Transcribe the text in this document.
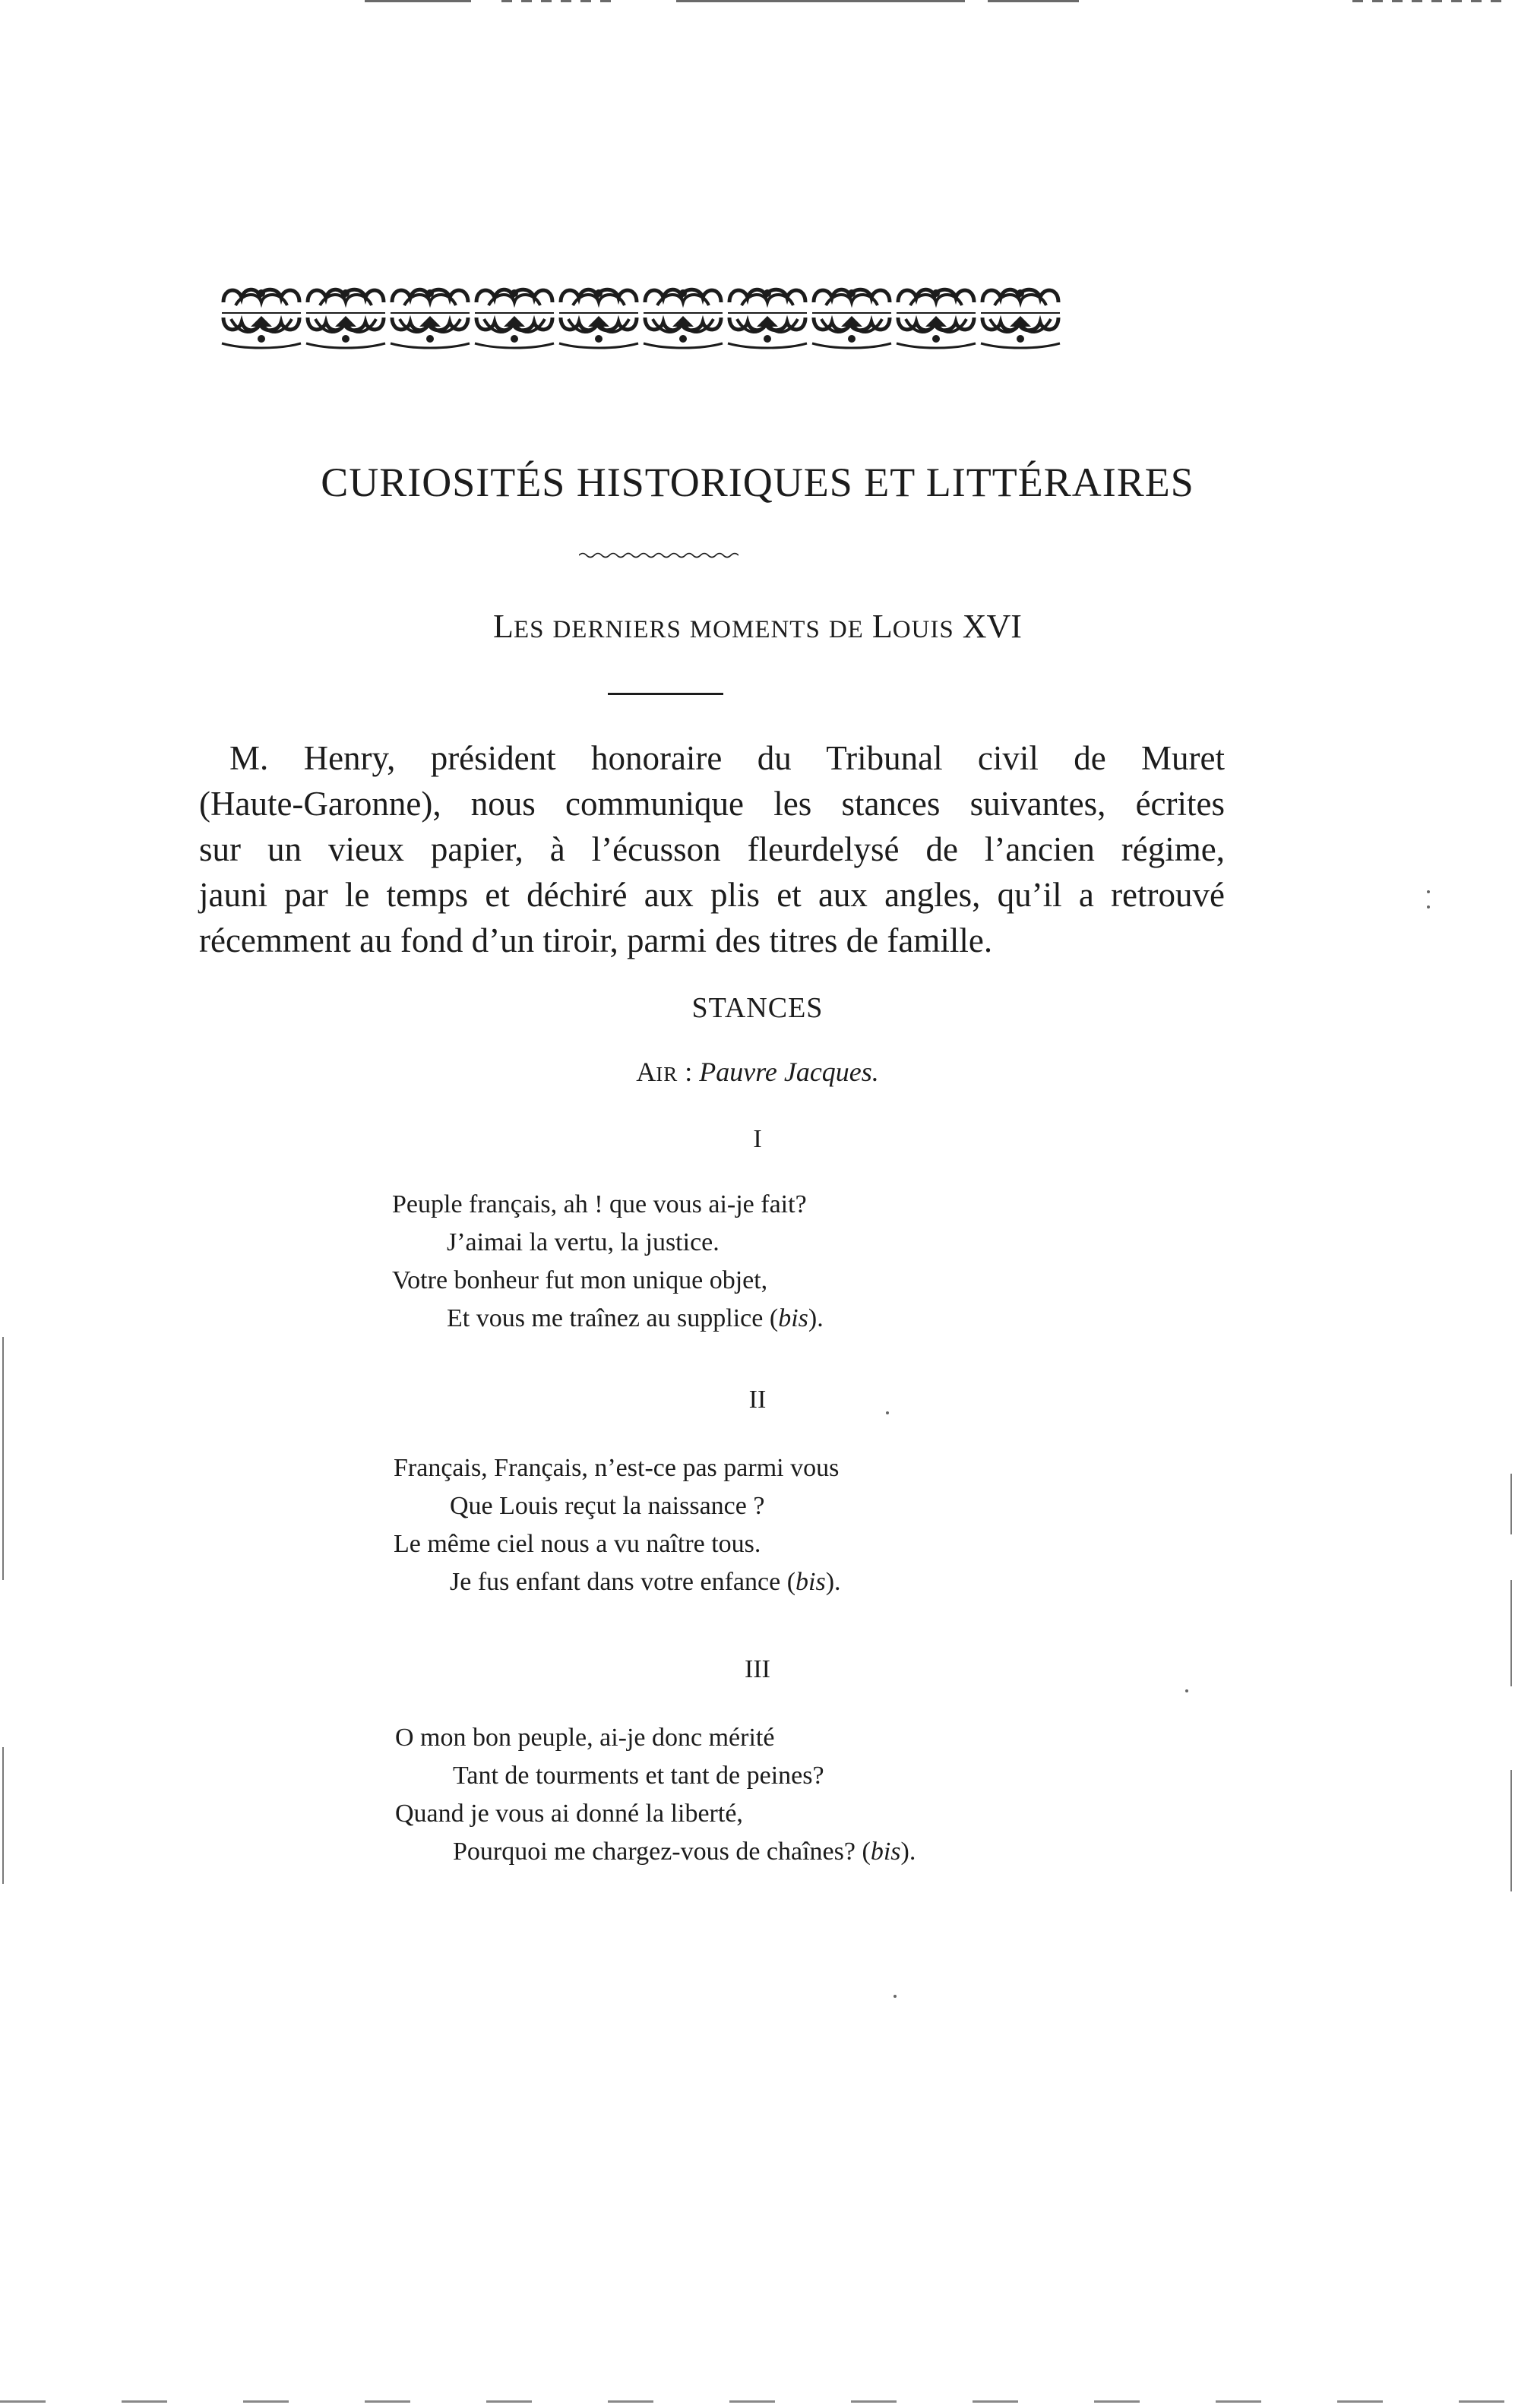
CURIOSITÉS HISTORIQUES ET LITTÉRAIRES
LES DERNIERS MOMENTS DE LOUIS XVI
M. Henry, président honoraire du Tribunal civil de Muret
(Haute-Garonne), nous communique les stances suivantes, écrites
sur un vieux papier, à l’écusson fleurdelysé de l’ancien régime,
jauni par le temps et déchiré aux plis et aux angles, qu’il a retrouvé
récemment au fond d’un tiroir, parmi des titres de famille.
STANCES
AIR : Pauvre Jacques.
I
Peuple français, ah ! que vous ai-je fait?
J’aimai la vertu, la justice.
Votre bonheur fut mon unique objet,
Et vous me traînez au supplice (bis).
II
Français, Français, n’est-ce pas parmi vous
Que Louis reçut la naissance ?
Le même ciel nous a vu naître tous.
Je fus enfant dans votre enfance (bis).
III
O mon bon peuple, ai-je donc mérité
Tant de tourments et tant de peines?
Quand je vous ai donné la liberté,
Pourquoi me chargez-vous de chaînes? (bis).
